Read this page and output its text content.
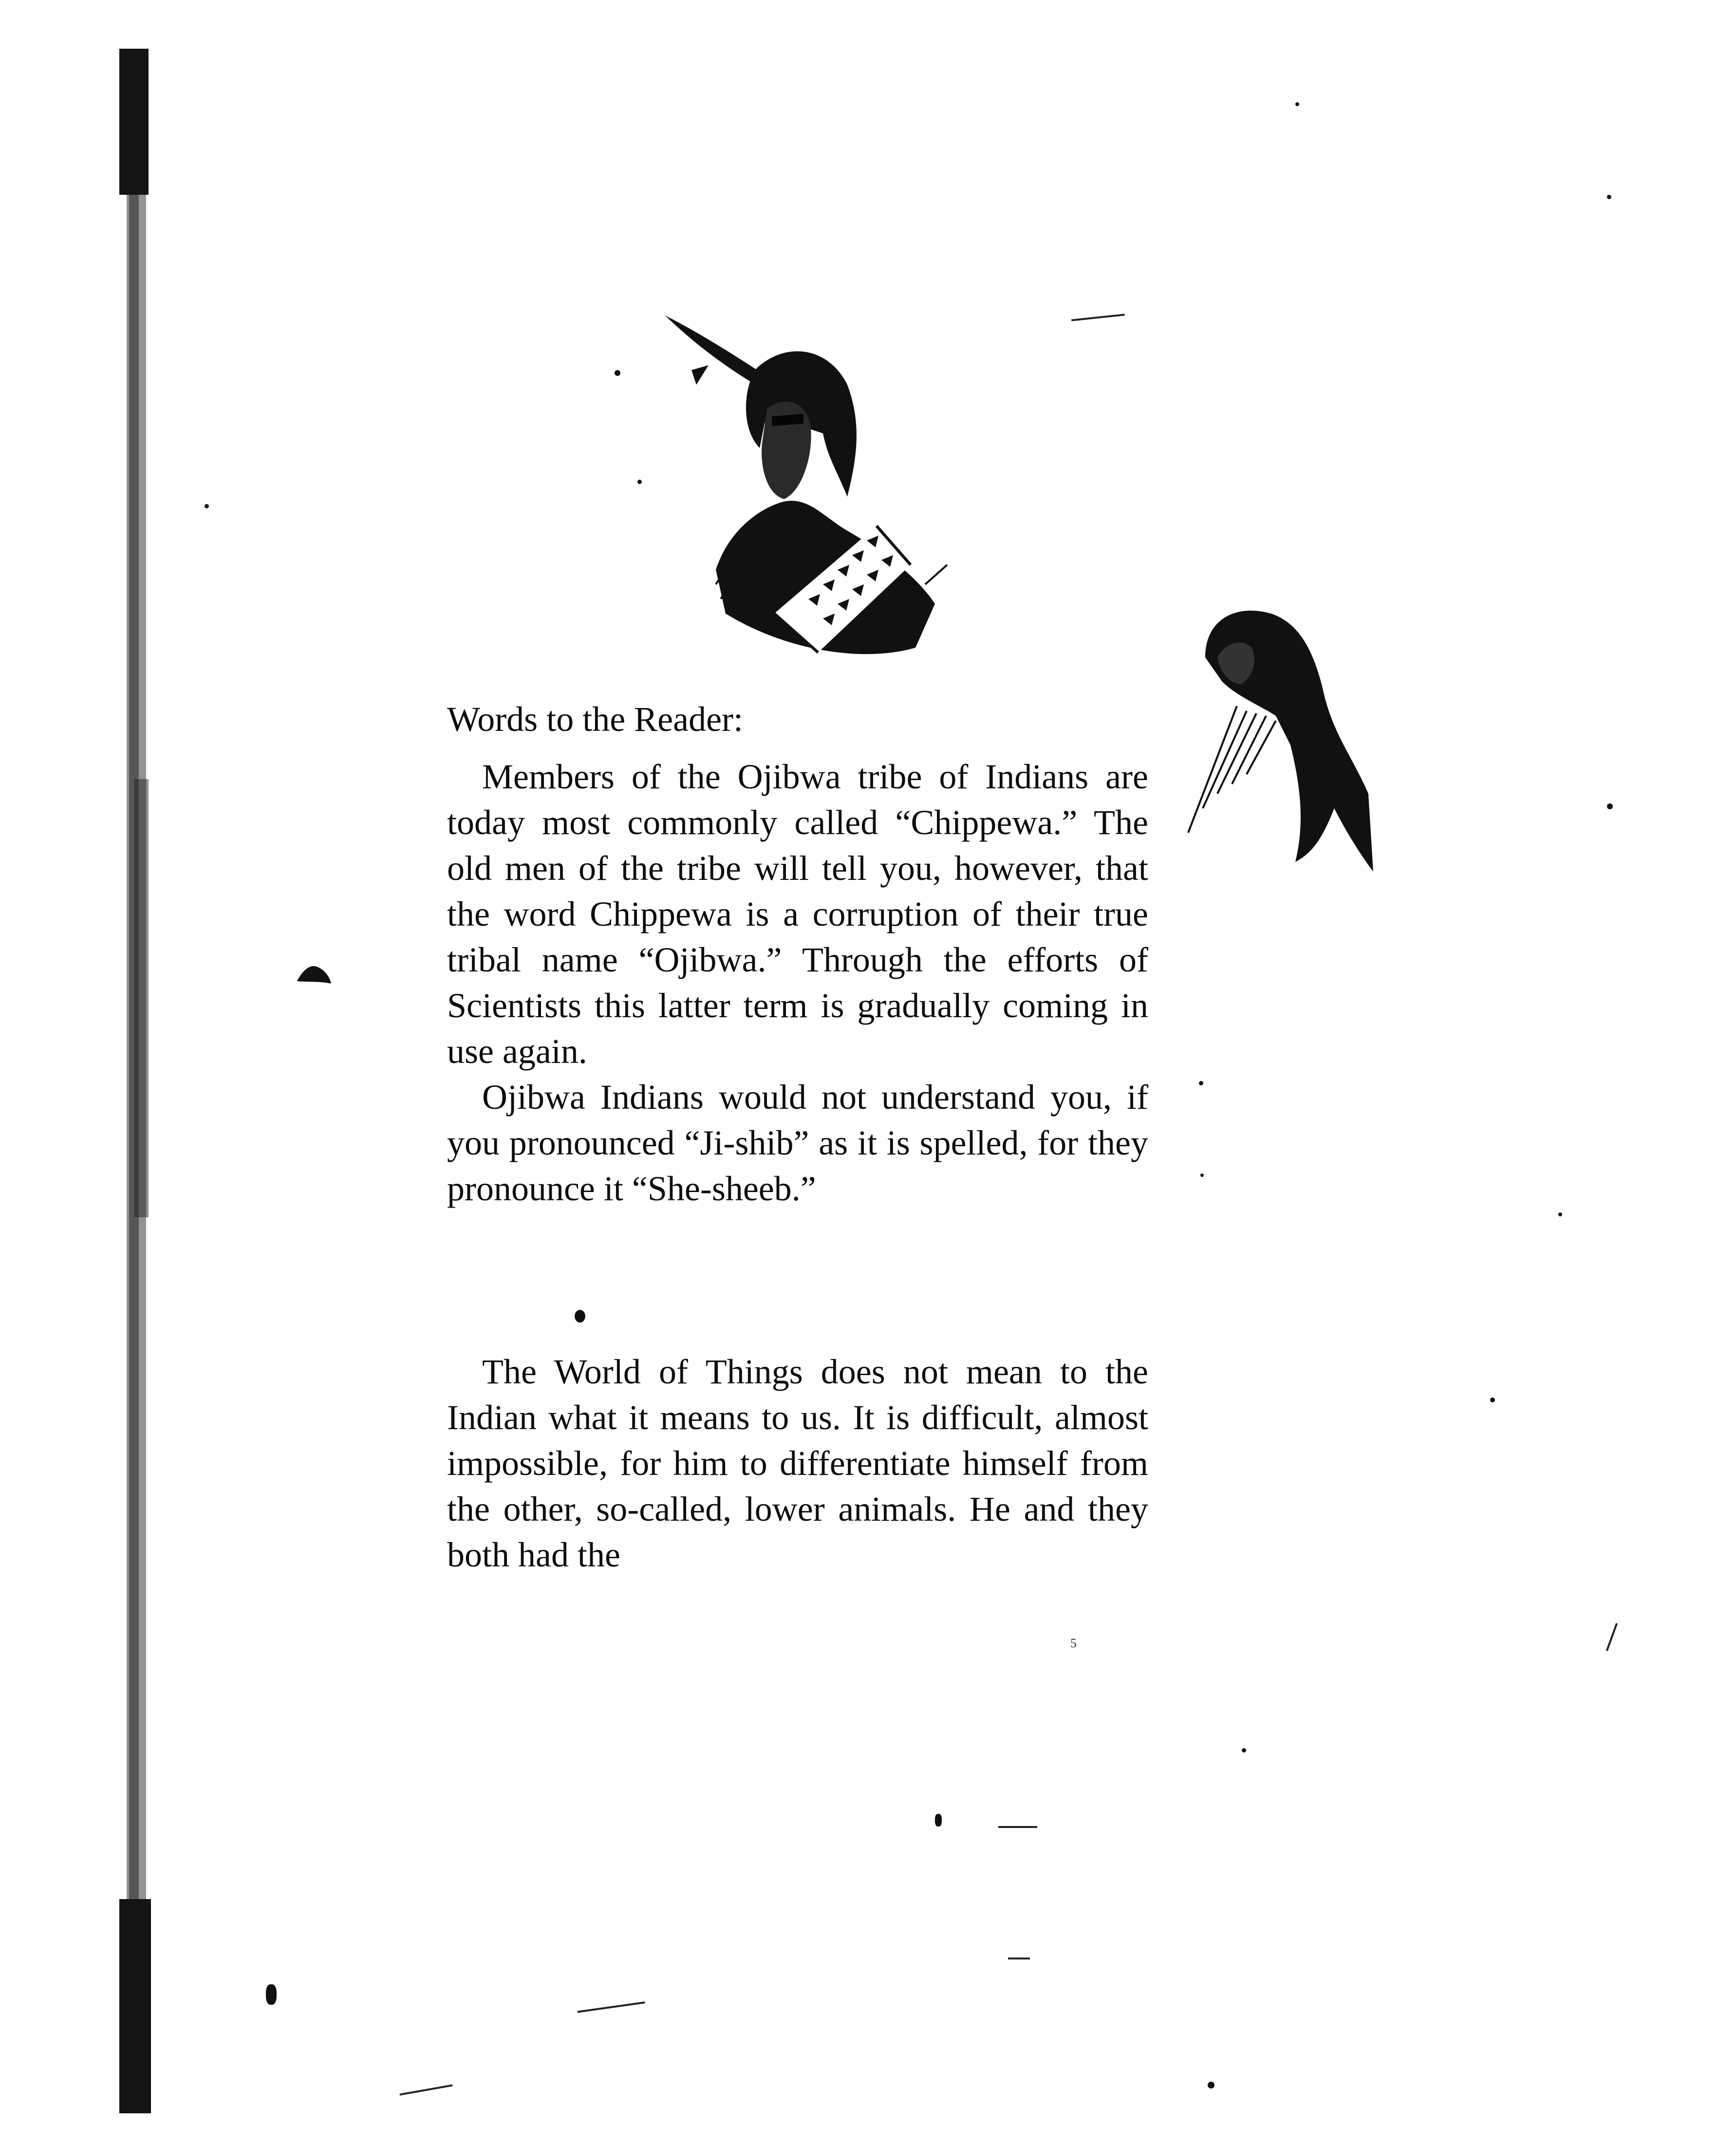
Words to the Reader:

Members of the Ojibwa tribe of Indians are today most commonly called “Chippewa.” The old men of the tribe will tell you, however, that the word Chippewa is a corruption of their true tribal name “Ojibwa.” Through the efforts of Scientists this latter term is gradually coming in use again.

Ojibwa Indians would not understand you, if you pronounced “Ji-shib” as it is spelled, for they pronounce it “She-sheeb.”

The World of Things does not mean to the Indian what it means to us. It is difficult, almost impossible, for him to differentiate himself from the other, so-called, lower animals. He and they both had the

5
